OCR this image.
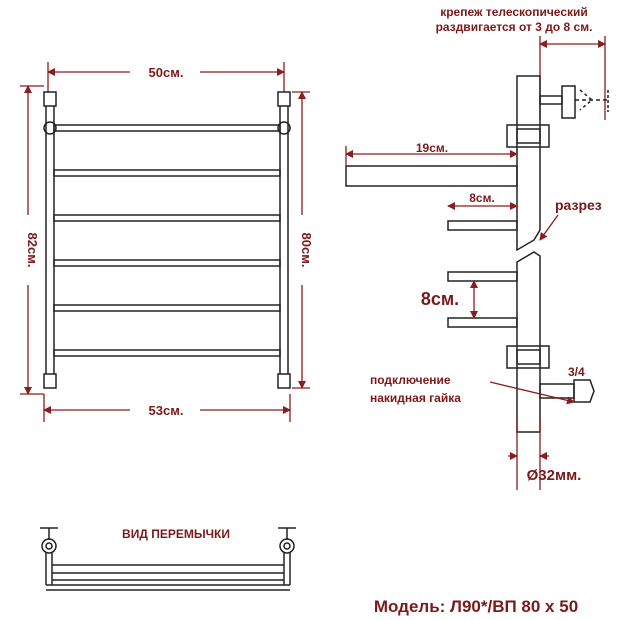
50см.
82см.	80см.
53см.
крепеж телескопический
раздвигается от 3 до 8 см.
19см.
8см.	разрез
8см.
3/4
подключение
накидная гайка
Ø32мм.
ВИД ПЕРЕМЫЧКИ
Модель: Л90*/ВП 80 х 50
